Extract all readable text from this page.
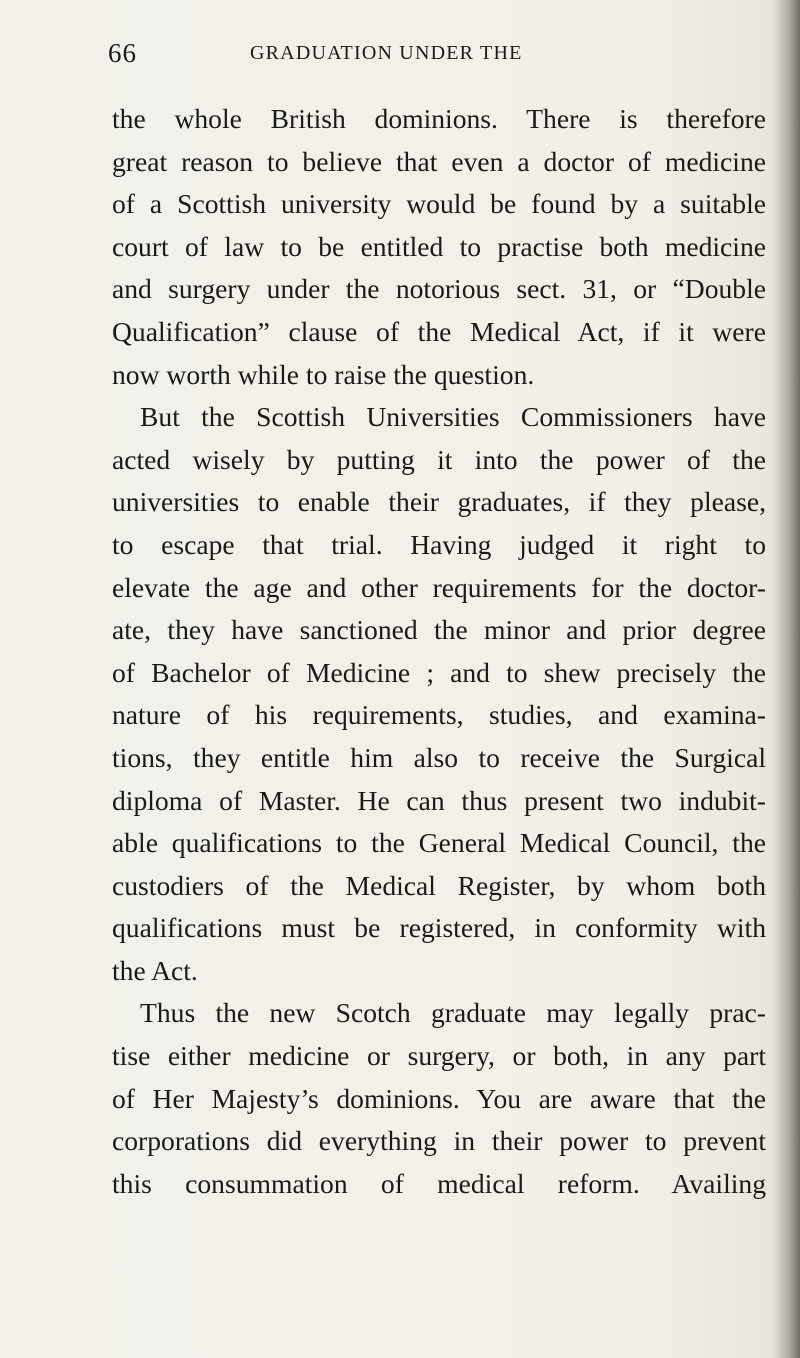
66	GRADUATION UNDER THE
the whole British dominions. There is therefore
great reason to believe that even a doctor of medicine
of a Scottish university would be found by a suitable
court of law to be entitled to practise both medicine
and surgery under the notorious sect. 31, or “Double
Qualification” clause of the Medical Act, if it were
now worth while to raise the question.
But the Scottish Universities Commissioners have
acted wisely by putting it into the power of the
universities to enable their graduates, if they please,
to escape that trial. Having judged it right to
elevate the age and other requirements for the doctor-
ate, they have sanctioned the minor and prior degree
of Bachelor of Medicine ; and to shew precisely the
nature of his requirements, studies, and examina-
tions, they entitle him also to receive the Surgical
diploma of Master. He can thus present two indubit-
able qualifications to the General Medical Council, the
custodiers of the Medical Register, by whom both
qualifications must be registered, in conformity with
the Act.
Thus the new Scotch graduate may legally prac-
tise either medicine or surgery, or both, in any part
of Her Majesty’s dominions. You are aware that the
corporations did everything in their power to prevent
this consummation of medical reform. Availing
